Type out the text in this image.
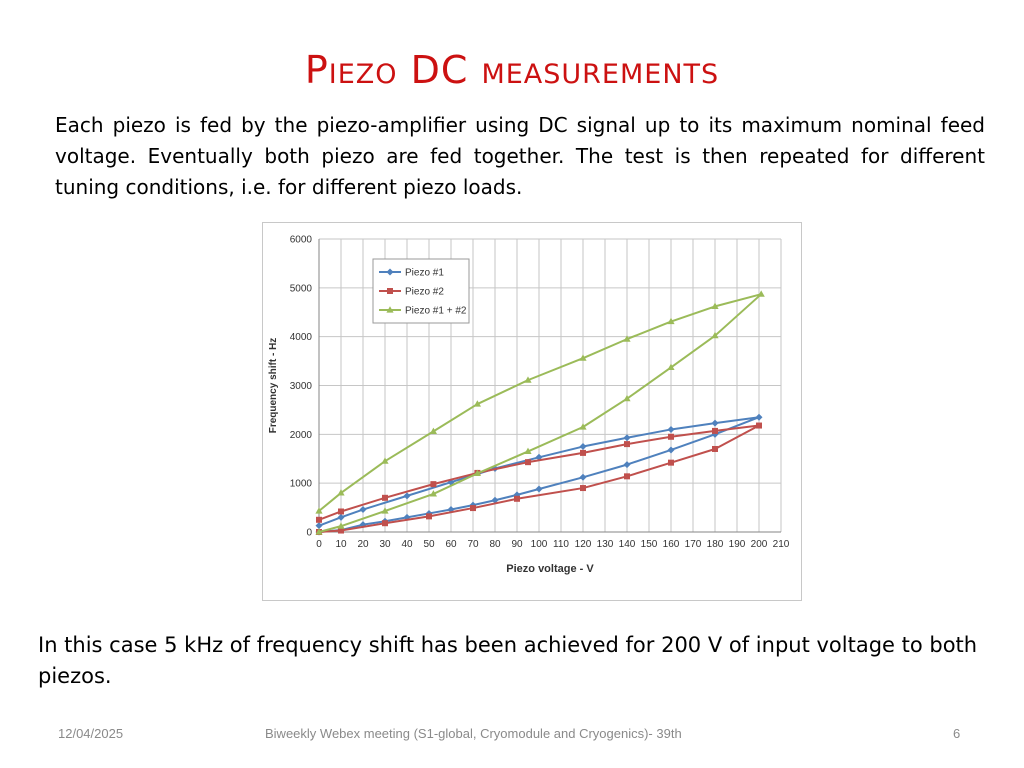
Piezo DC measurements

Each piezo is fed by the piezo-amplifier using DC signal up to its maximum nominal feed voltage. Eventually both piezo are fed together. The test is then repeated for different tuning conditions, i.e. for different piezo loads.

0 10 20 30 40 50 60 70 80 90 100 110 120 130 140 150 160 170 180 190 200 210
0
1000
2000
3000
4000
5000
6000
Piezo voltage - V
Frequency shift - Hz
Piezo #1
Piezo #2
Piezo #1 + #2

In this case 5 kHz of frequency shift has been achieved for 200 V of input voltage to both piezos.

12/04/2025	Biweekly Webex meeting (S1-global, Cryomodule and Cryogenics)- 39th	6
